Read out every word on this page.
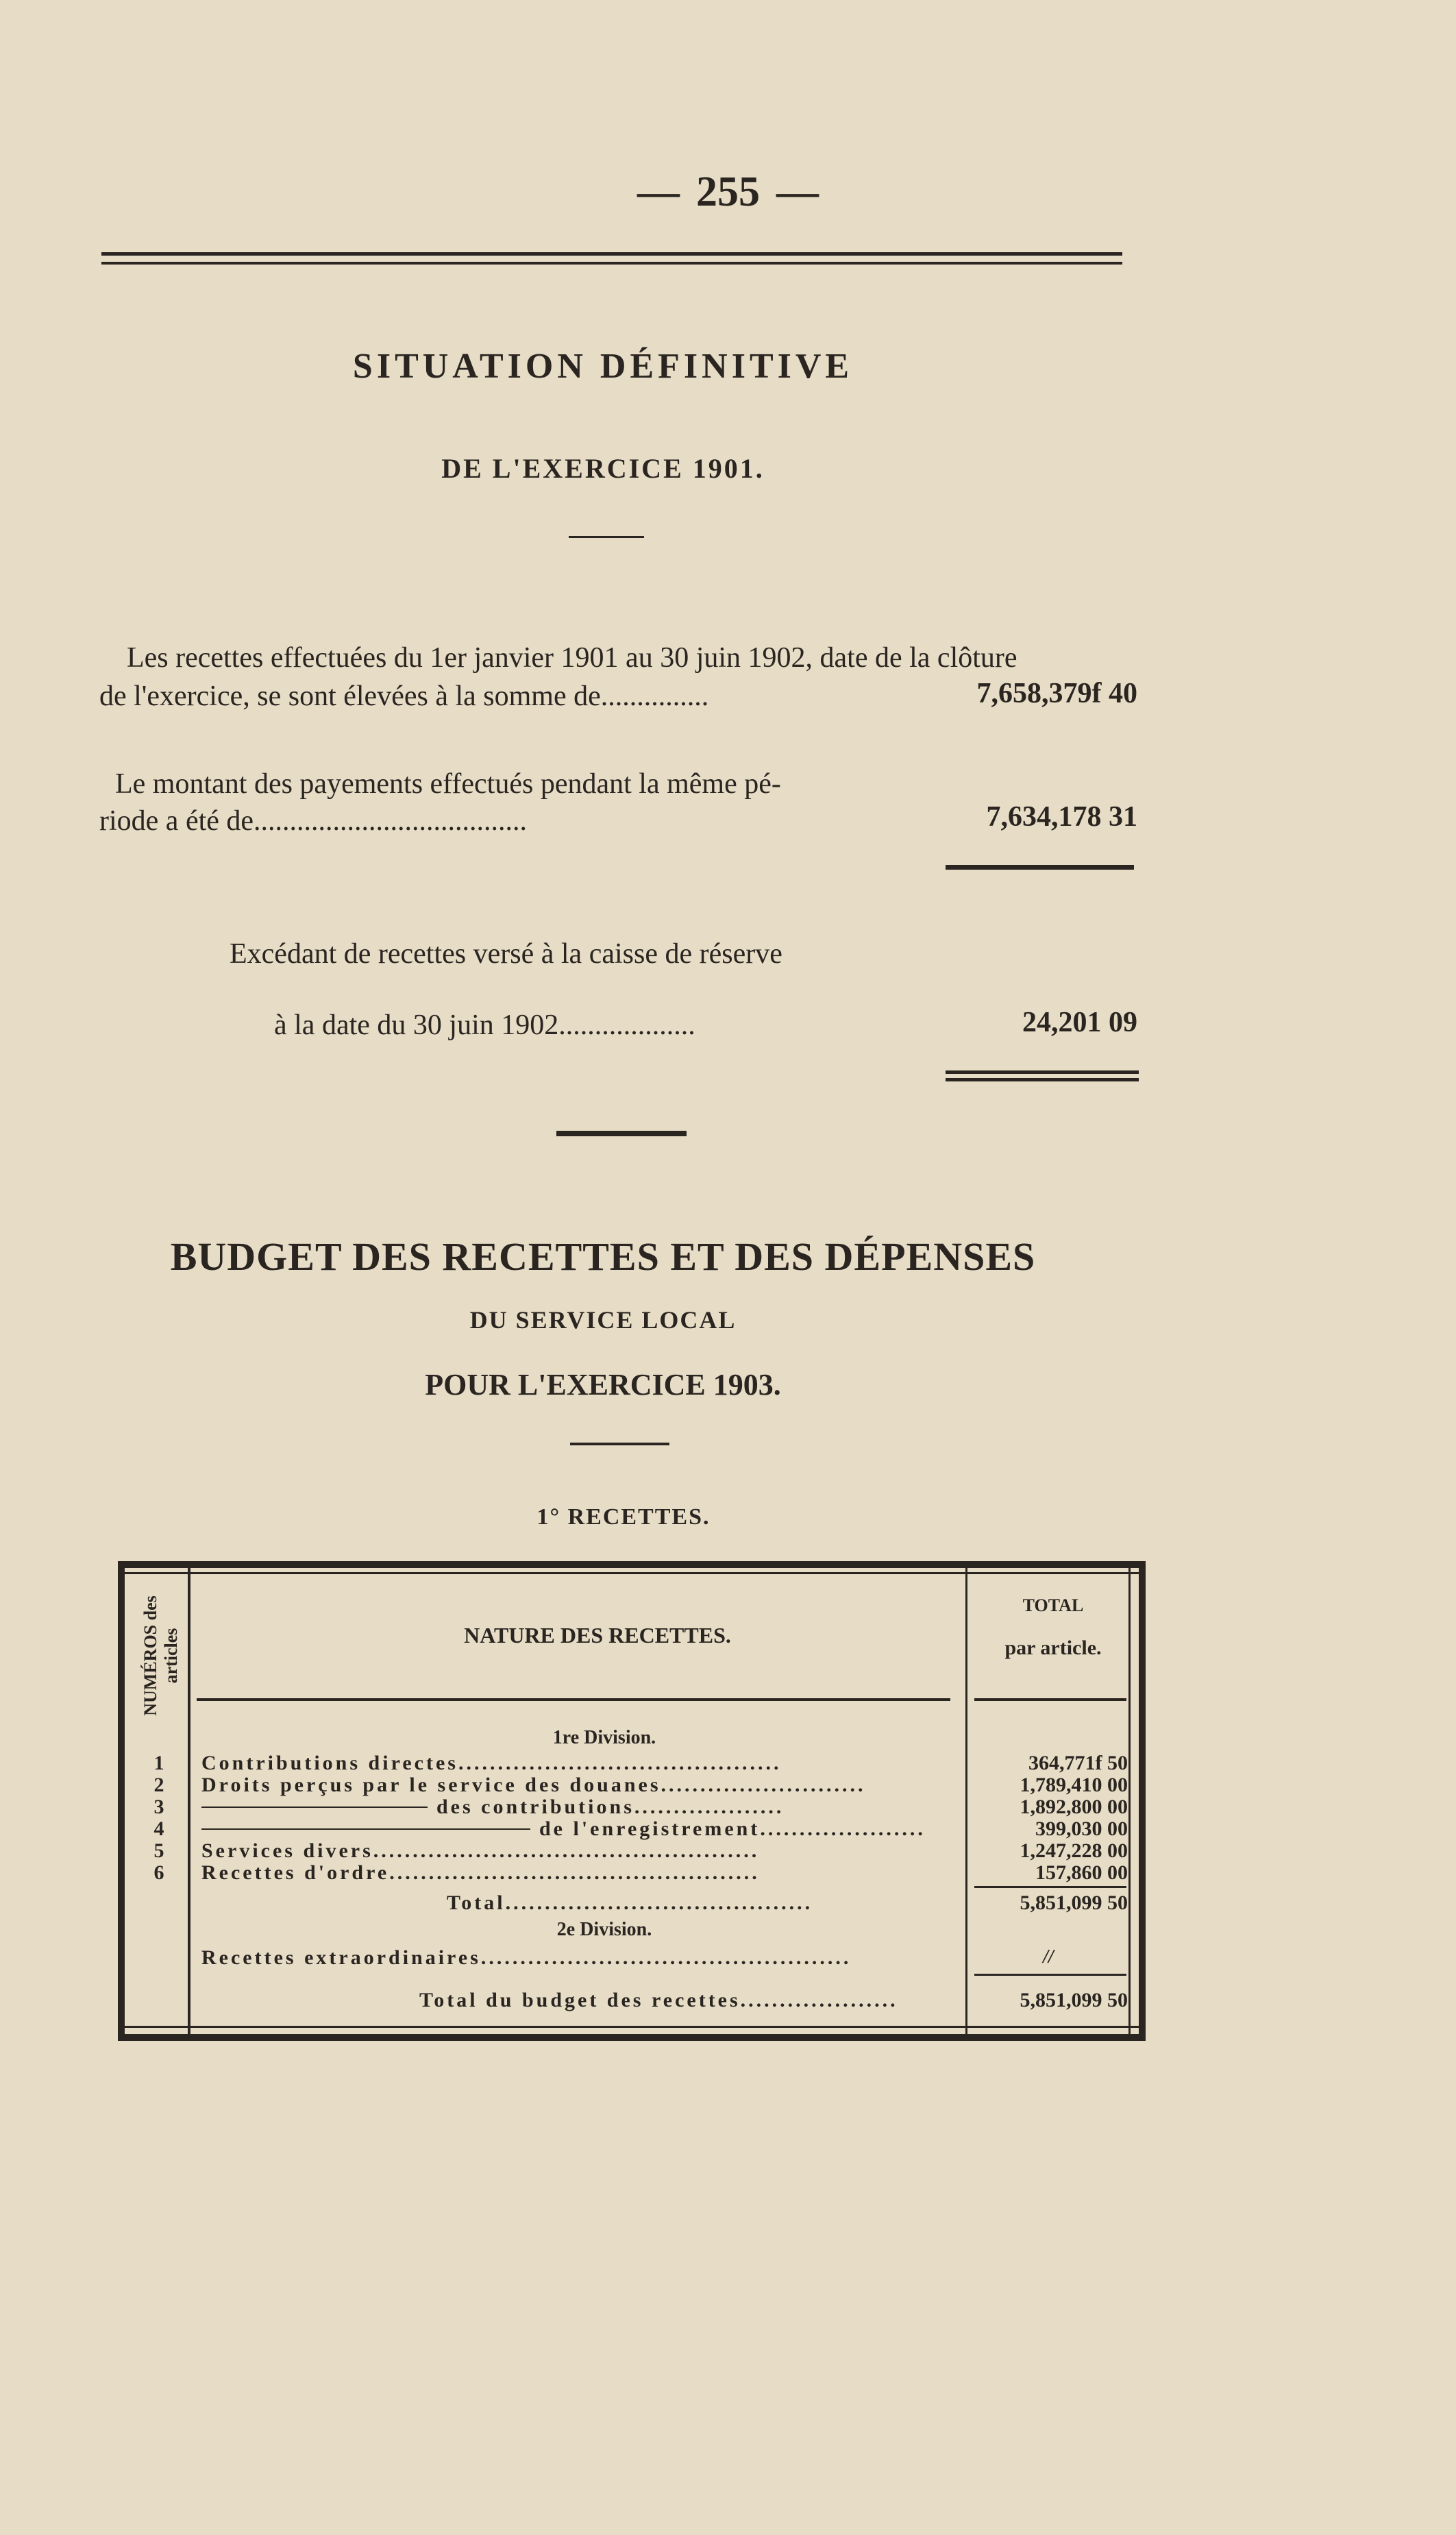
— 255 —
SITUATION DÉFINITIVE
DE L'EXERCICE 1901.
Les recettes effectuées du 1er janvier 1901 au 30 juin 1902, date de la clôture
de l'exercice, se sont élevées à la somme de...............	7,658,379f 40
Le montant des payements effectués pendant la même pé-
riode a été de......................................	7,634,178 31
Excédant de recettes versé à la caisse de réserve
à la date du 30 juin 1902...................	24,201 09
BUDGET DES RECETTES ET DES DÉPENSES
DU SERVICE LOCAL
POUR L'EXERCICE 1903.
1° RECETTES.
NUMÉROS des articles	NATURE DES RECETTES.
TOTAL
par article.
1re Division.
1	Contributions directes.........................................	364,771f 50
2	Droits perçus par le service des douanes..........................	1,789,410 00
3	des contributions...................	1,892,800 00
4	de l'enregistrement.....................	399,030 00
5	Services divers.................................................	1,247,228 00
6	Recettes d'ordre...............................................	157,860 00
Total.......................................	5,851,099 50
2e Division.
Recettes extraordinaires...............................................	//
Total du budget des recettes....................	5,851,099 50
